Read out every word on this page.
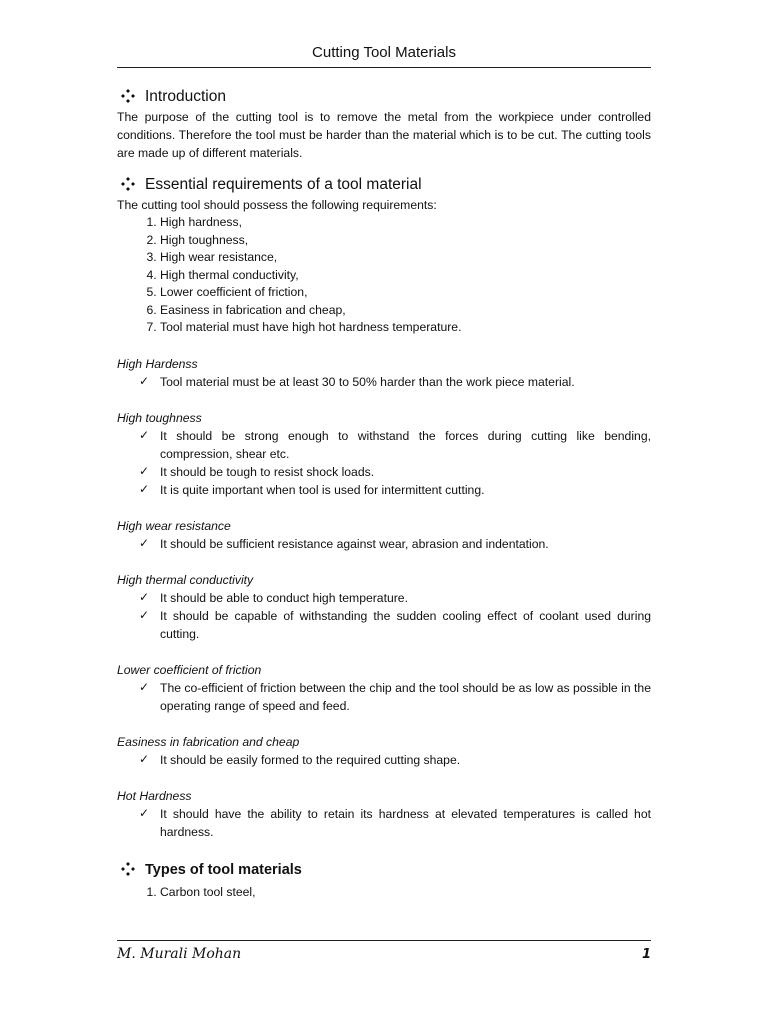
Cutting Tool Materials
Introduction
The purpose of the cutting tool is to remove the metal from the workpiece under controlled conditions. Therefore the tool must be harder than the material which is to be cut. The cutting tools are made up of different materials.
Essential requirements of a tool material
The cutting tool should possess the following requirements:
1. High hardness,
2. High toughness,
3. High wear resistance,
4. High thermal conductivity,
5. Lower coefficient of friction,
6. Easiness in fabrication and cheap,
7. Tool material must have high hot hardness temperature.
High Hardenss
✓ Tool material must be at least 30 to 50% harder than the work piece material.
High toughness
✓ It should be strong enough to withstand the forces during cutting like bending, compression, shear etc.
✓ It should be tough to resist shock loads.
✓ It is quite important when tool is used for intermittent cutting.
High wear resistance
✓ It should be sufficient resistance against wear, abrasion and indentation.
High thermal conductivity
✓ It should be able to conduct high temperature.
✓ It should be capable of withstanding the sudden cooling effect of coolant used during cutting.
Lower coefficient of friction
✓ The co-efficient of friction between the chip and the tool should be as low as possible in the operating range of speed and feed.
Easiness in fabrication and cheap
✓ It should be easily formed to the required cutting shape.
Hot Hardness
✓ It should have the ability to retain its hardness at elevated temperatures is called hot hardness.
Types of tool materials
1. Carbon tool steel,
M. Murali Mohan	1
